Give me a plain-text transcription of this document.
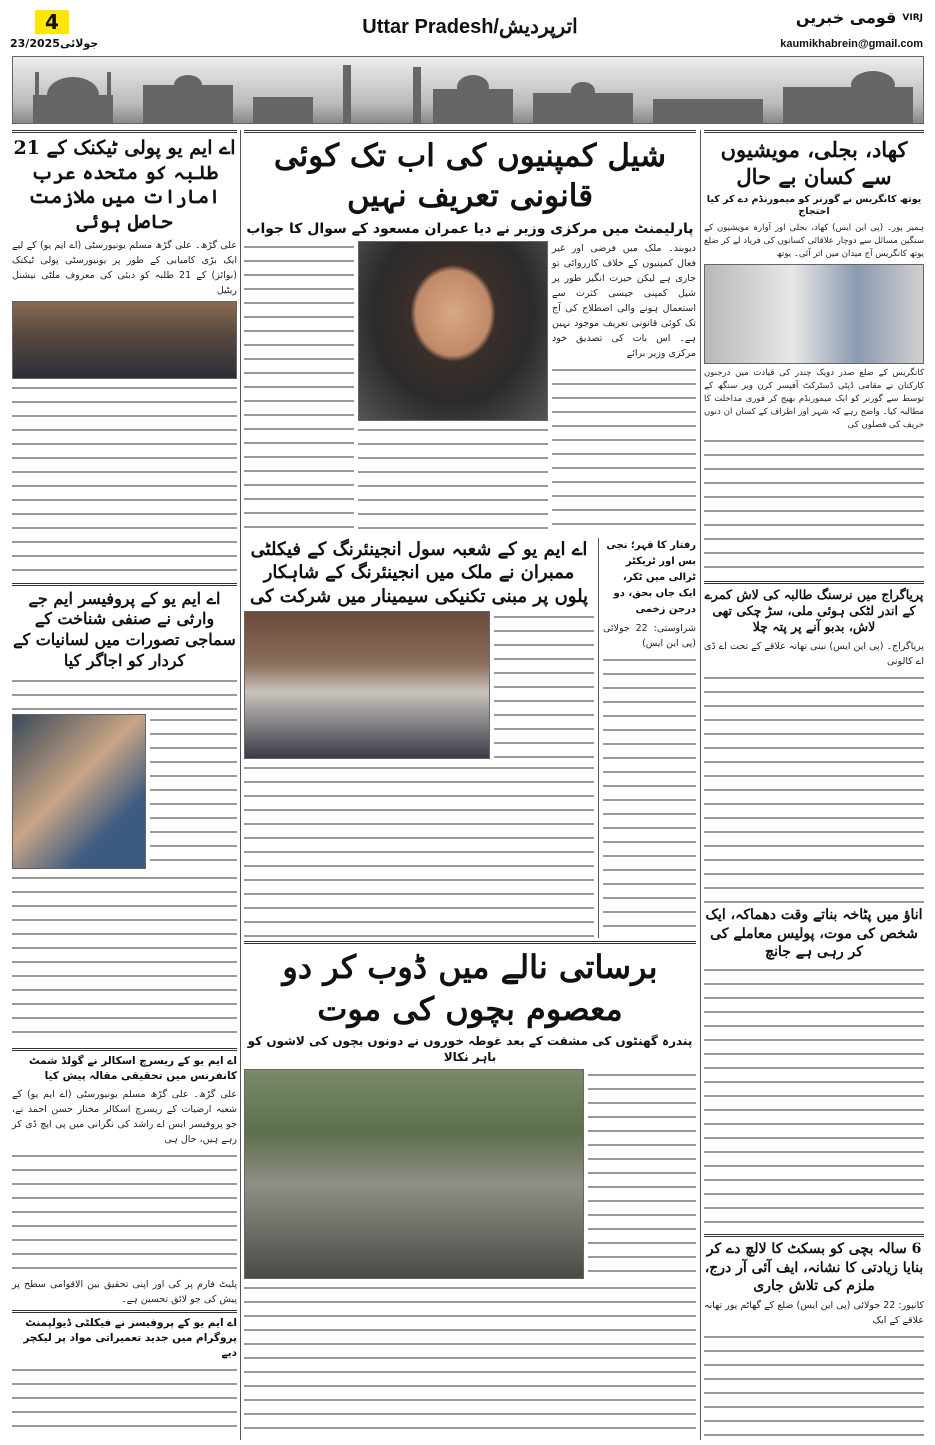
4
23/جولائی2025
Uttar Pradesh/اترپردیش	قومی خبریں VIRJ
kaumikhabrein@gmail.com
اے ایم یو پولی ٹیکنک کے 21 طلبہ کو متحدہ عرب امارات میں ملازمت حاصل ہوئی
علی گڑھ۔ علی گڑھ مسلم یونیورسٹی (اے ایم یو) کے لیے ایک بڑی کامیابی کے طور پر یونیورسٹی پولی ٹیکنک (بوائز) کے 21 طلبہ کو دبئی کی معروف ملٹی نیشنل ریٹیل
اے ایم یو کے پروفیسر ایم جے وارثی نے صنفی شناخت کے سماجی تصورات میں لسانیات کے کردار کو اجاگر کیا
اے ایم یو کے ریسرچ اسکالر نے گولڈ شمٹ کانفرنس میں تحقیقی مقالہ پیش کیا
علی گڑھ۔ علی گڑھ مسلم یونیورسٹی (اے ایم یو) کے شعبہ ارضیات کے ریسرچ اسکالر مختار حسن احمد نے، جو پروفیسر ایس اے راشد کی نگرانی میں پی ایچ ڈی کر رہے ہیں، حال ہی
پلیٹ فارم پر کی اور اپنی تحقیق بین الاقوامی سطح پر پیش کی جو لائق تحسین ہے۔
اے ایم یو کے پروفیسر نے فیکلٹی ڈیولپمنٹ پروگرام میں جدید تعمیراتی مواد پر لیکچر دیے
شیل کمپنیوں کی اب تک کوئی قانونی تعریف نہیں
پارلیمنٹ میں مرکزی وزیر نے دیا عمران مسعود کے سوال کا جواب
دیوبند۔ ملک میں فرضی اور غیر فعال کمپنیوں کے خلاف کارروائی تو جاری ہے لیکن حیرت انگیز طور پر شیل کمپنی جیسی کثرت سے استعمال ہونے والی اصطلاح کی آج تک کوئی قانونی تعریف موجود نہیں ہے۔ اس بات کی تصدیق خود مرکزی وزیر برائے
اے ایم یو کے شعبہ سول انجینئرنگ کے فیکلٹی ممبران نے ملک میں انجینئرنگ کے شاہکار پلوں پر مبنی تکنیکی سیمینار میں شرکت کی
رفتار کا قہر؛ نجی بس اور ٹریکٹر ٹرالی میں ٹکر، ایک جاں بحق، دو درجن زخمی
شراوستی: 22 جولائی (پی این ایس)
برساتی نالے میں ڈوب کر دو معصوم بچوں کی موت
پندرہ گھنٹوں کی مشقت کے بعد غوطہ خوروں نے دونوں بچوں کی لاشوں کو باہر نکالا
کھاد، بجلی، مویشیوں سے کسان بے حال
یوتھ کانگریس نے گورنر کو میمورنڈم دے کر کیا احتجاج
ہمیر پور۔ (پی این ایس) کھاد، بجلی اور آوارہ مویشیوں کے سنگین مسائل سے دوچار علاقائی کسانوں کی فریاد لے کر ضلع یوتھ کانگریس آج میدان میں اتر آئی۔ یوتھ
کانگریس کے ضلع صدر دویک چندر کی قیادت میں درجنوں کارکنان نے مقامی ڈپٹی ڈسٹرکٹ آفیسر کرن ویر سنگھ کے توسط سے گورنر کو ایک میمورنڈم بھیج کر فوری مداخلت کا مطالبہ کیا۔ واضح رہے کہ شہر اور اطراف کے کسان ان دنوں خریف کی فصلوں کی
پریاگراج میں نرسنگ طالبہ کی لاش کمرے کے اندر لٹکی ہوئی ملی، سڑ چکی تھی لاش، بدبو آنے پر پتہ چلا
پریاگراج۔ (پی این ایس) نینی تھانہ علاقے کے تحت اے ڈی اے کالونی
اناؤ میں پٹاخہ بناتے وقت دھماکہ، ایک شخص کی موت، پولیس معاملے کی کر رہی ہے جانچ
6 سالہ بچی کو بسکٹ کا لالچ دے کر بنایا زیادتی کا نشانہ، ایف آئی آر درج، ملزم کی تلاش جاری
کانپور: 22 جولائی (پی این ایس) ضلع کے گھاٹم پور تھانہ علاقے کے ایک
